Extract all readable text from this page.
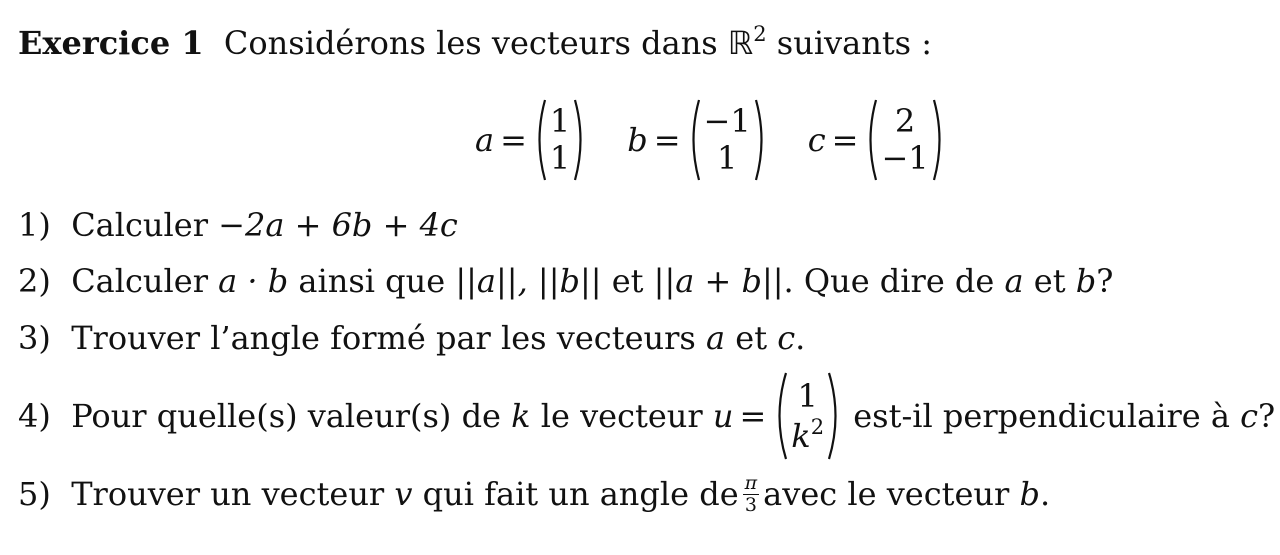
Exercice 1 Considérons les vecteurs dans ℝ$^2$ suivants :
a = 1
1 b = −1
1 c = 2
−1
1) Calculer −2a + 6b + 4c
2) Calculer a · b ainsi que ||a||, ||b|| et ||a + b||. Que dire de a et b?
3) Trouver l’angle formé par les vecteurs a et c.
4)
Pour quelle(s) valeur(s) de
k
le vecteur
u =
1
$k^2$
est-il perpendiculaire à
c ?
5)
Trouver un vecteur
v
qui fait un angle de $\frac{\pi}{3}$ avec le vecteur
b .
